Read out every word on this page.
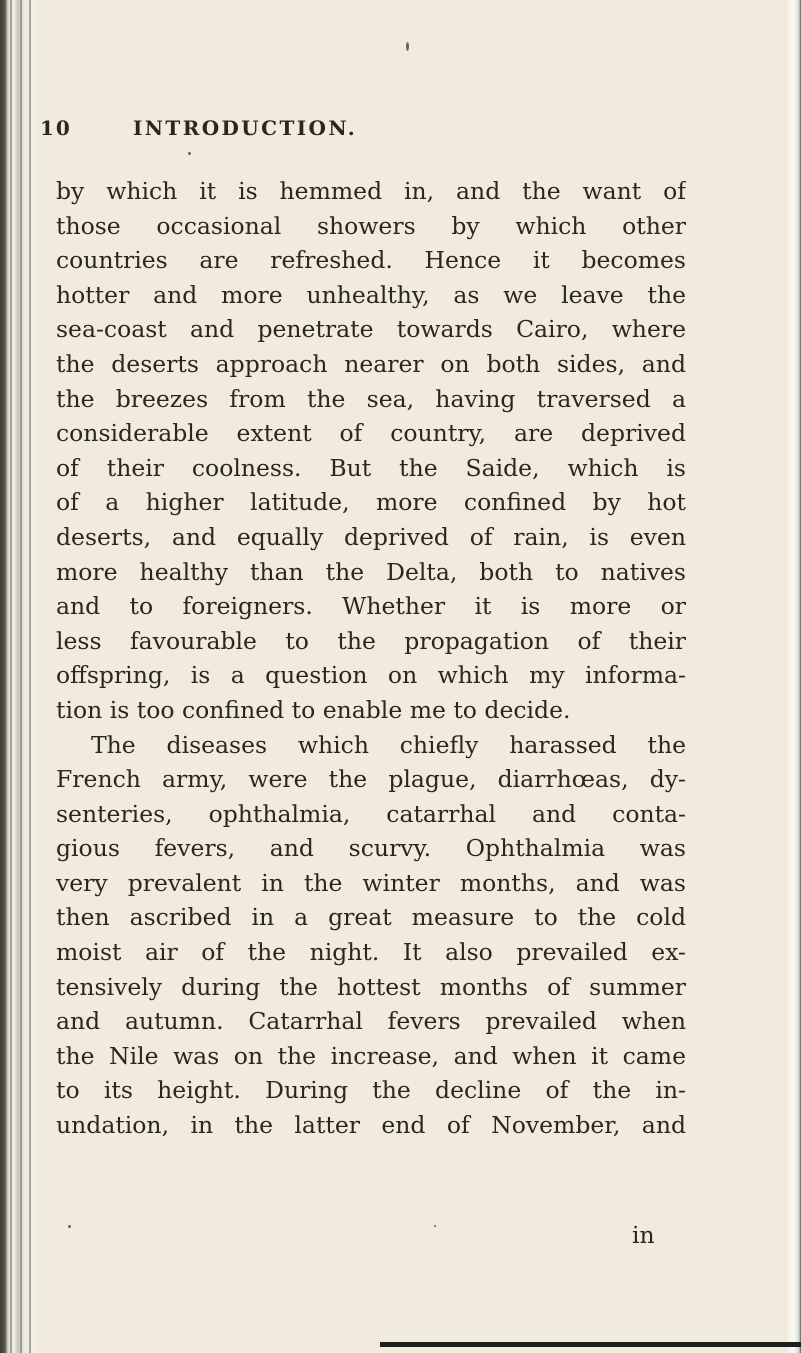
10	INTRODUCTION.
by which it is hemmed in, and the want of
those occasional showers by which other
countries are refreshed. Hence it becomes
hotter and more unhealthy, as we leave the
sea-coast and penetrate towards Cairo, where
the deserts approach nearer on both sides, and
the breezes from the sea, having traversed a
considerable extent of country, are deprived
of their coolness. But the Saide, which is
of a higher latitude, more confined by hot
deserts, and equally deprived of rain, is even
more healthy than the Delta, both to natives
and to foreigners. Whether it is more or
less favourable to the propagation of their
offspring, is a question on which my informa-
tion is too confined to enable me to decide.
The diseases which chiefly harassed the
French army, were the plague, diarrhœas, dy-
senteries, ophthalmia, catarrhal and conta-
gious fevers, and scurvy. Ophthalmia was
very prevalent in the winter months, and was
then ascribed in a great measure to the cold
moist air of the night. It also prevailed ex-
tensively during the hottest months of summer
and autumn. Catarrhal fevers prevailed when
the Nile was on the increase, and when it came
to its height. During the decline of the in-
undation, in the latter end of November, and
in
